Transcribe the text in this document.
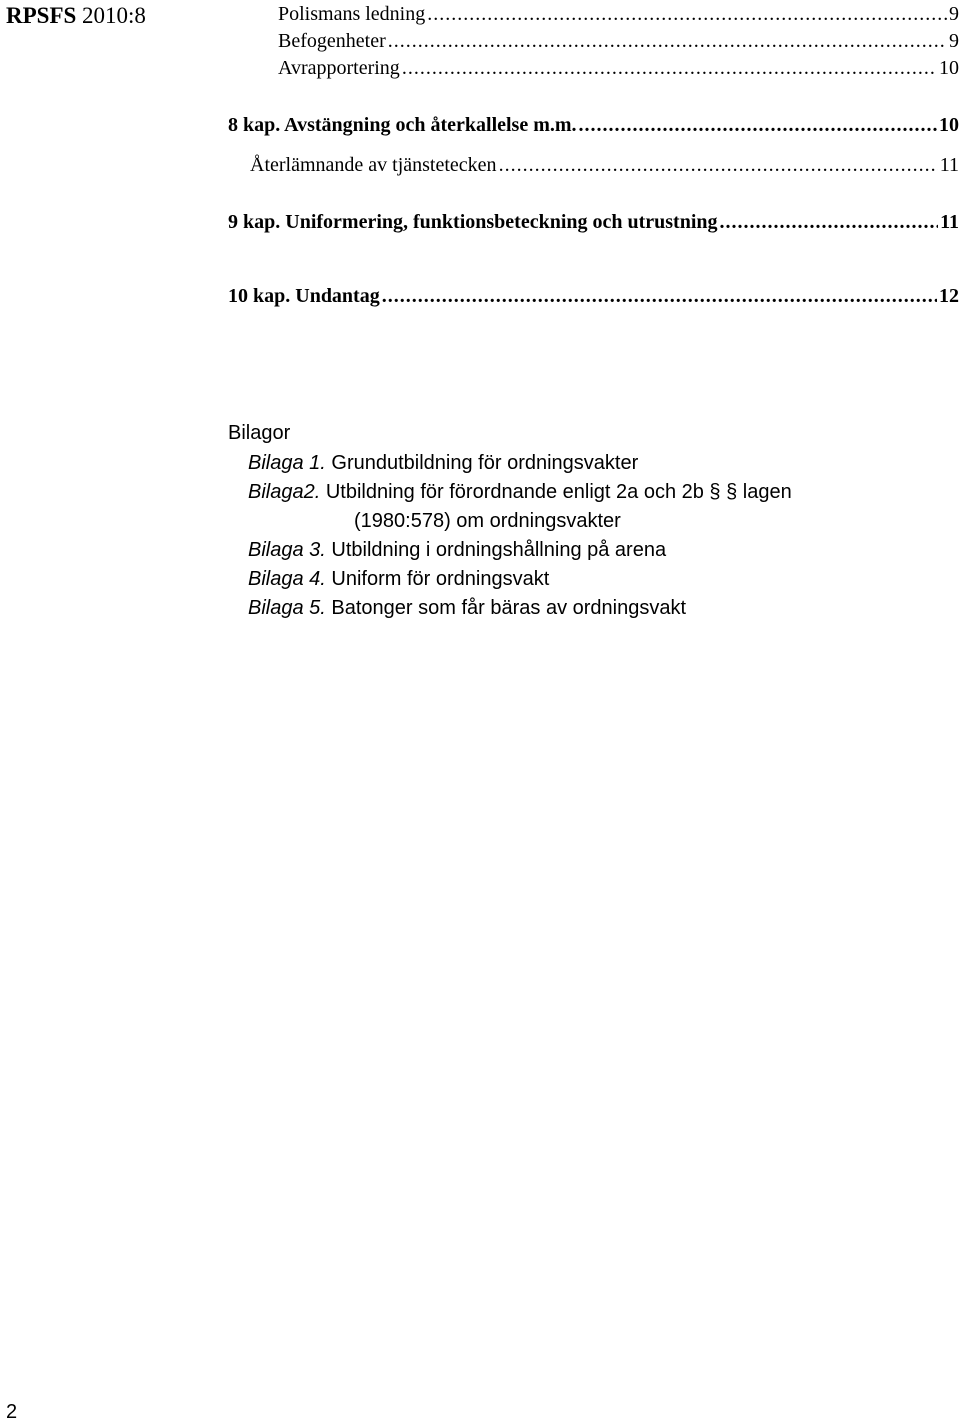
RPSFS 2010:8	Polismans ledning .....	9
Befogenheter .....	9
Avrapportering .....	10
8 kap. Avstängning och återkallelse m.m. .....	10
Återlämnande av tjänstetecken .....	11
9 kap. Uniformering, funktionsbeteckning och utrustning .....	11
10 kap. Undantag .....	12
Bilagor
Bilaga 1. Grundutbildning för ordningsvakter
Bilaga2. Utbildning för förordnande enligt 2a och 2b § § lagen
(1980:578) om ordningsvakter
Bilaga 3. Utbildning i ordningshållning på arena
Bilaga 4. Uniform för ordningsvakt
Bilaga 5. Batonger som får bäras av ordningsvakt
2
